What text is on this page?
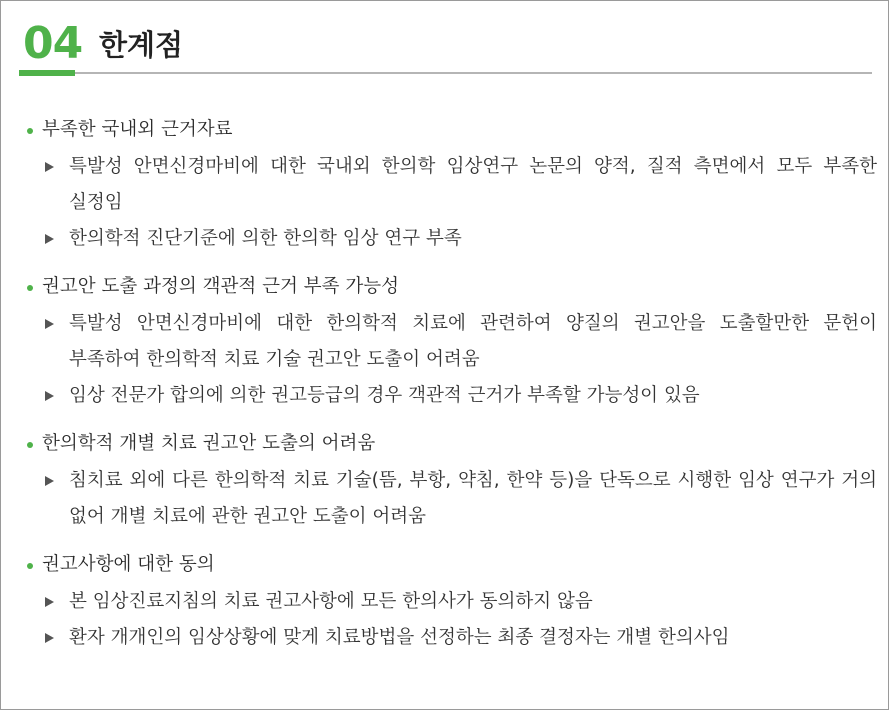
04 한계점
부족한 국내외 근거자료
특발성 안면신경마비에 대한 국내외 한의학 임상연구 논문의 양적, 질적 측면에서 모두 부족한 실정임
한의학적 진단기준에 의한 한의학 임상 연구 부족
권고안 도출 과정의 객관적 근거 부족 가능성
특발성 안면신경마비에 대한 한의학적 치료에 관련하여 양질의 권고안을 도출할만한 문헌이 부족하여 한의학적 치료 기술 권고안 도출이 어려움
임상 전문가 합의에 의한 권고등급의 경우 객관적 근거가 부족할 가능성이 있음
한의학적 개별 치료 권고안 도출의 어려움
침치료 외에 다른 한의학적 치료 기술(뜸, 부항, 약침, 한약 등)을 단독으로 시행한 임상 연구가 거의 없어 개별 치료에 관한 권고안 도출이 어려움
권고사항에 대한 동의
본 임상진료지침의 치료 권고사항에 모든 한의사가 동의하지 않음
환자 개개인의 임상상황에 맞게 치료방법을 선정하는 최종 결정자는 개별 한의사임
